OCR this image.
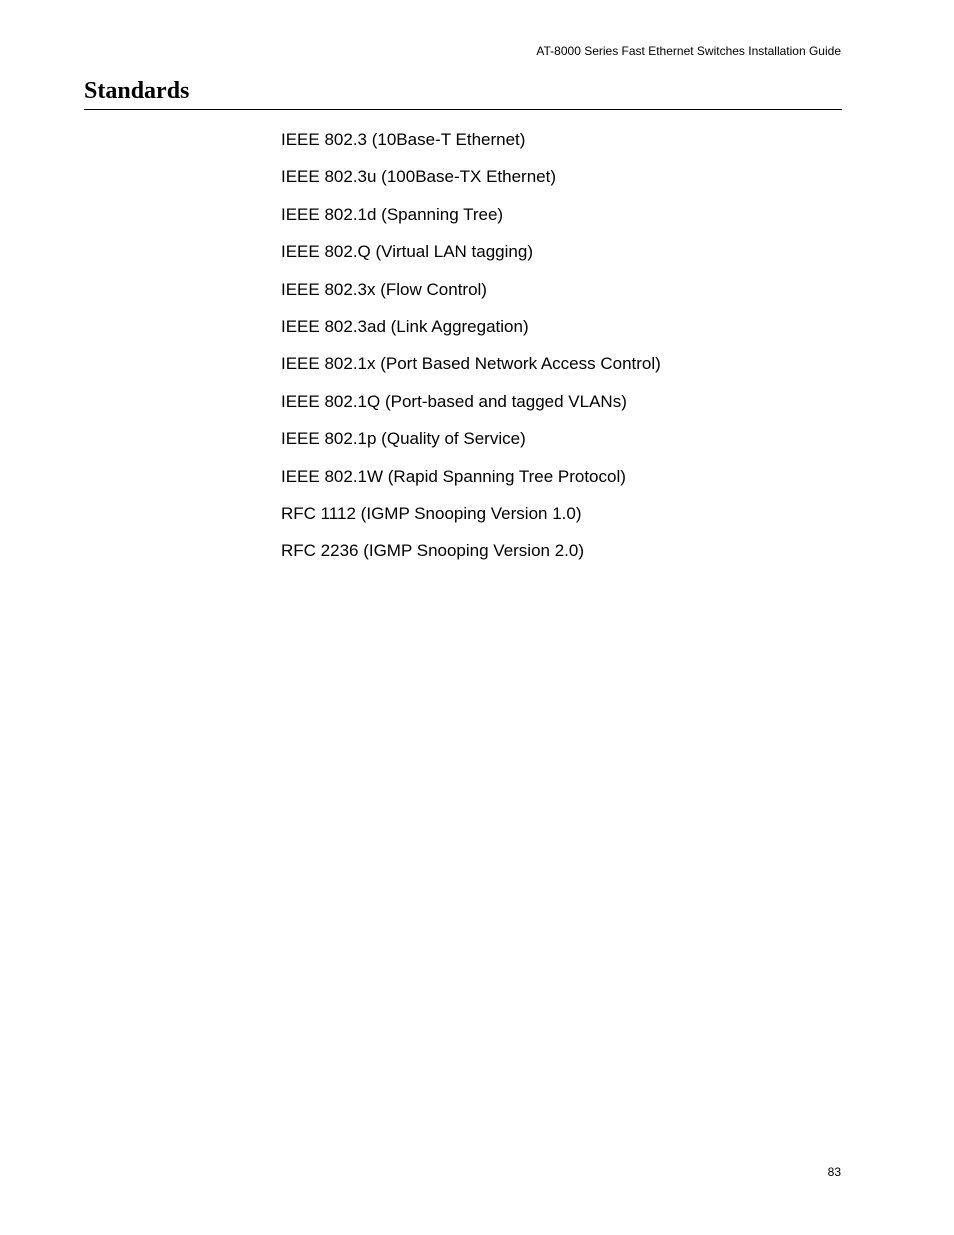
AT-8000 Series Fast Ethernet Switches Installation Guide
Standards
IEEE 802.3 (10Base-T Ethernet)
IEEE 802.3u (100Base-TX Ethernet)
IEEE 802.1d (Spanning Tree)
IEEE 802.Q (Virtual LAN tagging)
IEEE 802.3x (Flow Control)
IEEE 802.3ad (Link Aggregation)
IEEE 802.1x (Port Based Network Access Control)
IEEE 802.1Q (Port-based and tagged VLANs)
IEEE 802.1p (Quality of Service)
IEEE 802.1W (Rapid Spanning Tree Protocol)
RFC 1112 (IGMP Snooping Version 1.0)
RFC 2236 (IGMP Snooping Version 2.0)
83
